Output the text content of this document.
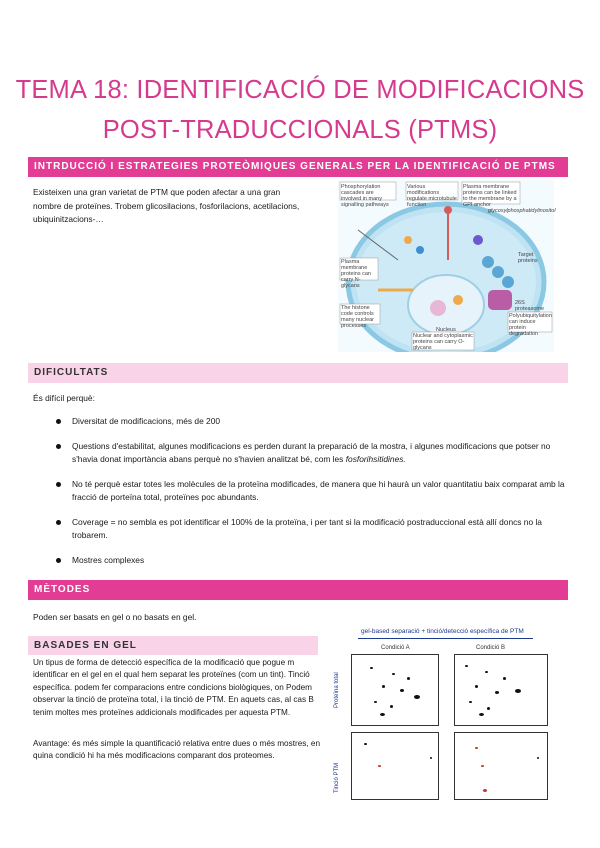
TEMA 18: IDENTIFICACIÓ DE MODIFICACIONS
POST-TRADUCCIONALS (PTMS)
INTRDUCCIÓ I ESTRATEGIES PROTEÒMIQUES GENERALS PER LA IDENTIFICACIÓ DE PTMS
Existeixen una gran varietat de PTM que poden afectar a una gran nombre de proteïnes. Trobem glicosilacions, fosforilacions, acetilacions, ubiquinitzacions-…
Phosphorylation cascades are involved in many signalling pathways
Various modifications regulate microtubule function
Plasma membrane proteins can be linked to the membrane by a GPI anchor
glycosylphosphatidylinositol
Plasma membrane proteins can carry N-glycans
Target proteins
The histone code controls many nuclear processes
Nucleus
Polyubiquitylation can induce protein degradation
Nuclear and cytoplasmic proteins can carry O-glycans
26S proteasome
DIFICULTATS
És difícil perquè:
Diversitat de modificacions, més de 200
Questions d'estabilitat, algunes modificacions es perden durant la preparació de la mostra, i algunes modificacions que potser no s'havia donat importància abans perquè no s'havien analitzat bé, com les fosforihsitidines.
No té perquè estar totes les molècules de la proteïna modificades, de manera que hi haurà un valor quantitatiu baix comparat amb la fracció de porteïna total, proteïnes poc abundants.
Coverage = no sembla es pot identificar el 100% de la proteïna, i per tant si la modificació postraduccional està allí doncs no la trobarem.
Mostres complexes
MÈTODES
Poden ser basats en gel o no basats en gel.
BASADES EN GEL
Un tipus de forma de detecció específica de la modificació que pogue m identificar en el gel en el qual hem separat les proteïnes (com un tint). Tinció específica. podem fer comparacions entre condicions biològiques, on Podem observar la tinció de proteïna total, i la tinció de PTM. En aquets cas, al cas B tenim moltes mes proteïnes addicionals modificades per aquesta PTM.
Avantage: és més simple la quantificació relativa entre dues o més mostres, en quina condició hi ha més modificacions comparant dos proteomes.
gel-based separació + tinció/detecció específica de PTM
Condició A	Condició B
Proteïna total
Tinció PTM
